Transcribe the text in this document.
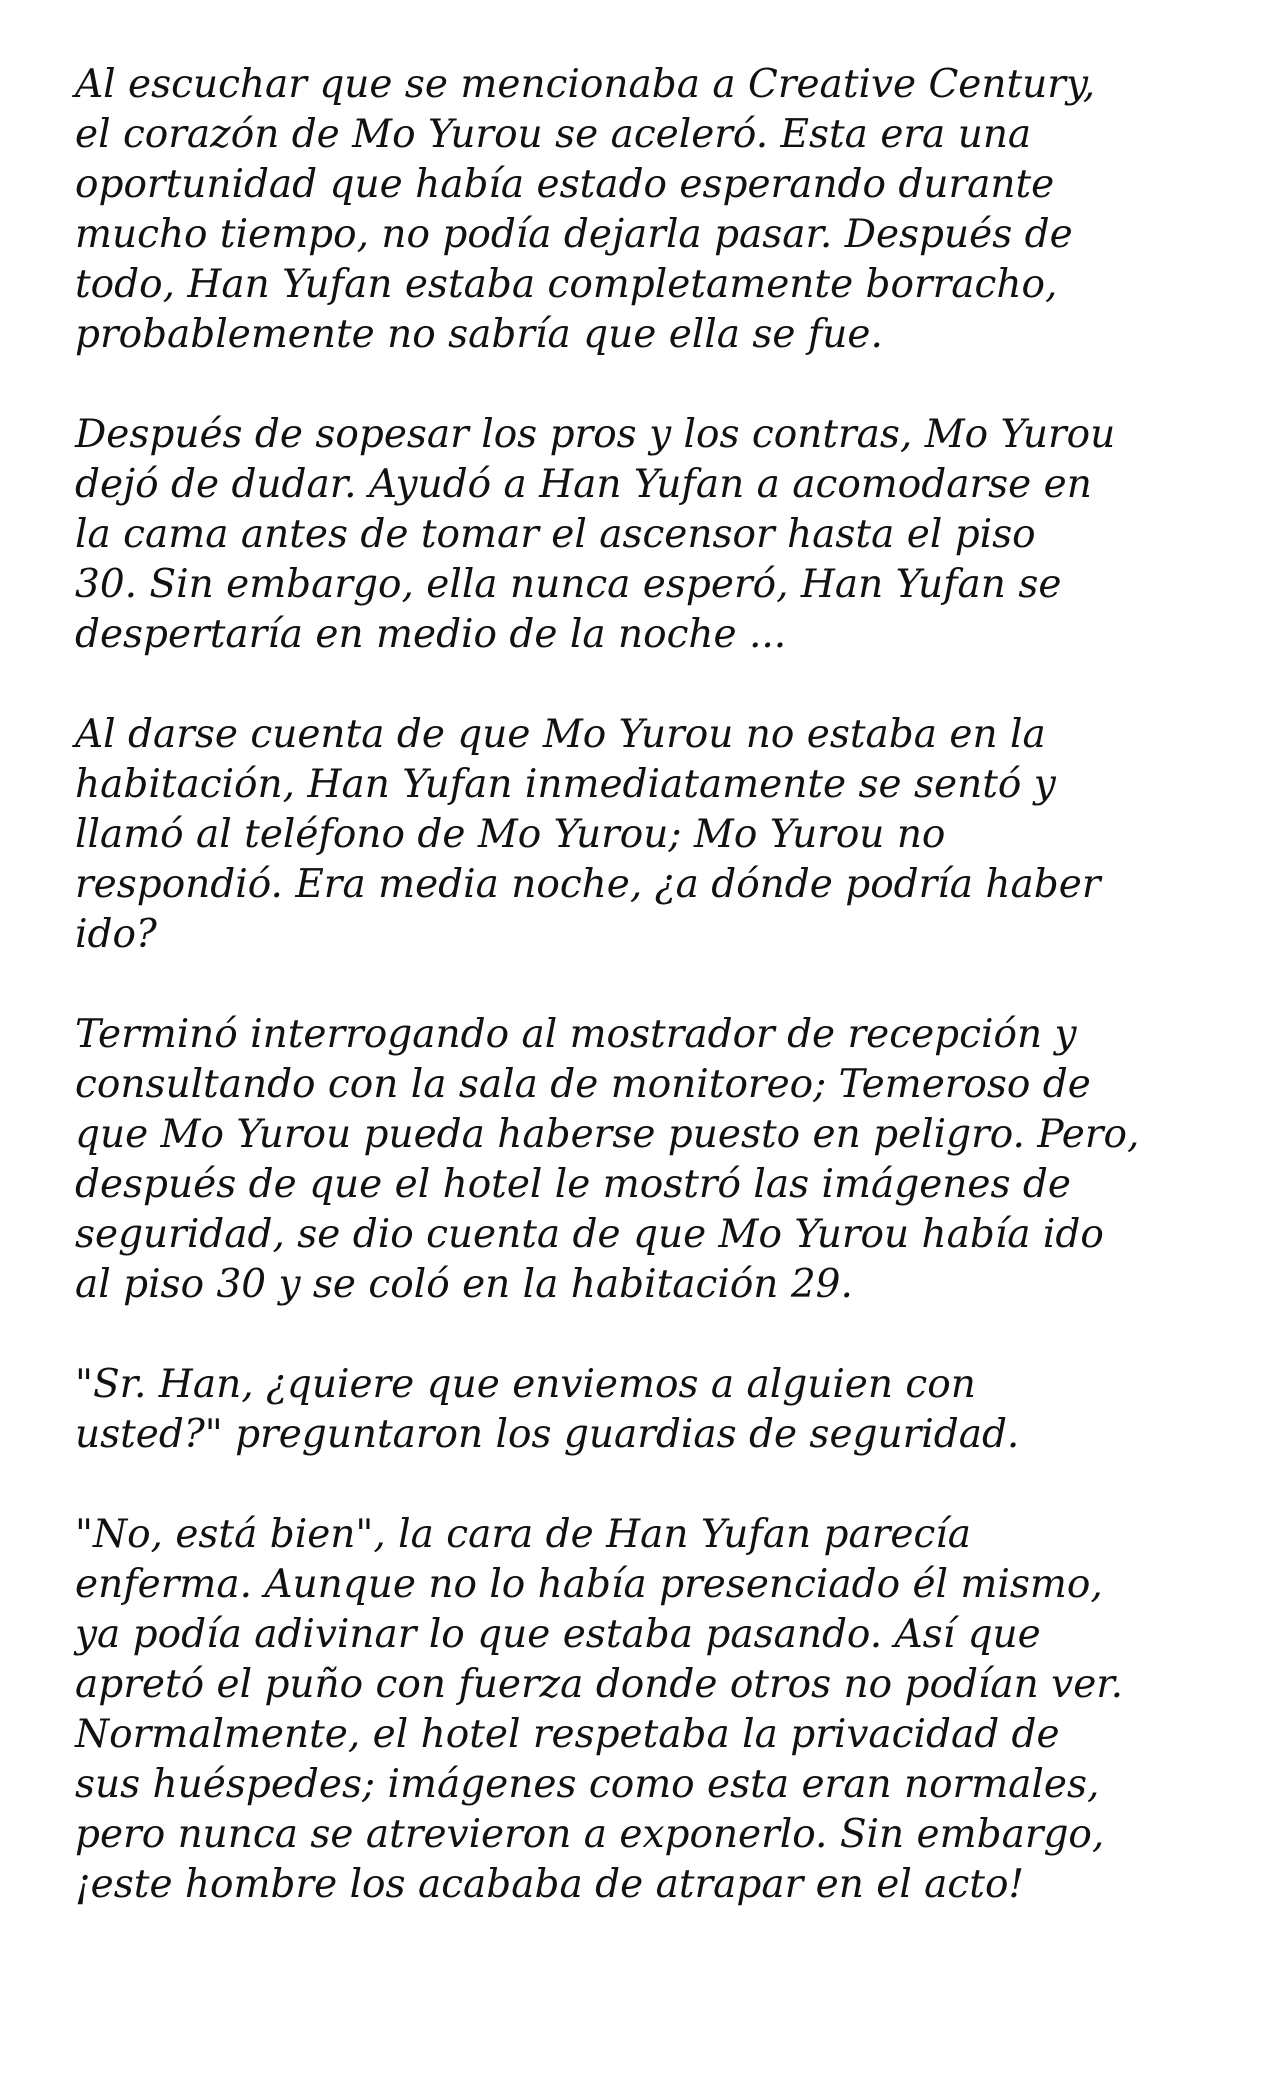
Al escuchar que se mencionaba a Creative Century,
el corazón de Mo Yurou se aceleró. Esta era una
oportunidad que había estado esperando durante
mucho tiempo, no podía dejarla pasar. Después de
todo, Han Yufan estaba completamente borracho,
probablemente no sabría que ella se fue.

Después de sopesar los pros y los contras, Mo Yurou
dejó de dudar. Ayudó a Han Yufan a acomodarse en
la cama antes de tomar el ascensor hasta el piso
30. Sin embargo, ella nunca esperó, Han Yufan se
despertaría en medio de la noche ...

Al darse cuenta de que Mo Yurou no estaba en la
habitación, Han Yufan inmediatamente se sentó y
llamó al teléfono de Mo Yurou; Mo Yurou no
respondió. Era media noche, ¿a dónde podría haber
ido?

Terminó interrogando al mostrador de recepción y
consultando con la sala de monitoreo; Temeroso de
que Mo Yurou pueda haberse puesto en peligro. Pero,
después de que el hotel le mostró las imágenes de
seguridad, se dio cuenta de que Mo Yurou había ido
al piso 30 y se coló en la habitación 29.

"Sr. Han, ¿quiere que enviemos a alguien con
usted?" preguntaron los guardias de seguridad.

"No, está bien", la cara de Han Yufan parecía
enferma. Aunque no lo había presenciado él mismo,
ya podía adivinar lo que estaba pasando. Así que
apretó el puño con fuerza donde otros no podían ver.
Normalmente, el hotel respetaba la privacidad de
sus huéspedes; imágenes como esta eran normales,
pero nunca se atrevieron a exponerlo. Sin embargo,
¡este hombre los acababa de atrapar en el acto!
